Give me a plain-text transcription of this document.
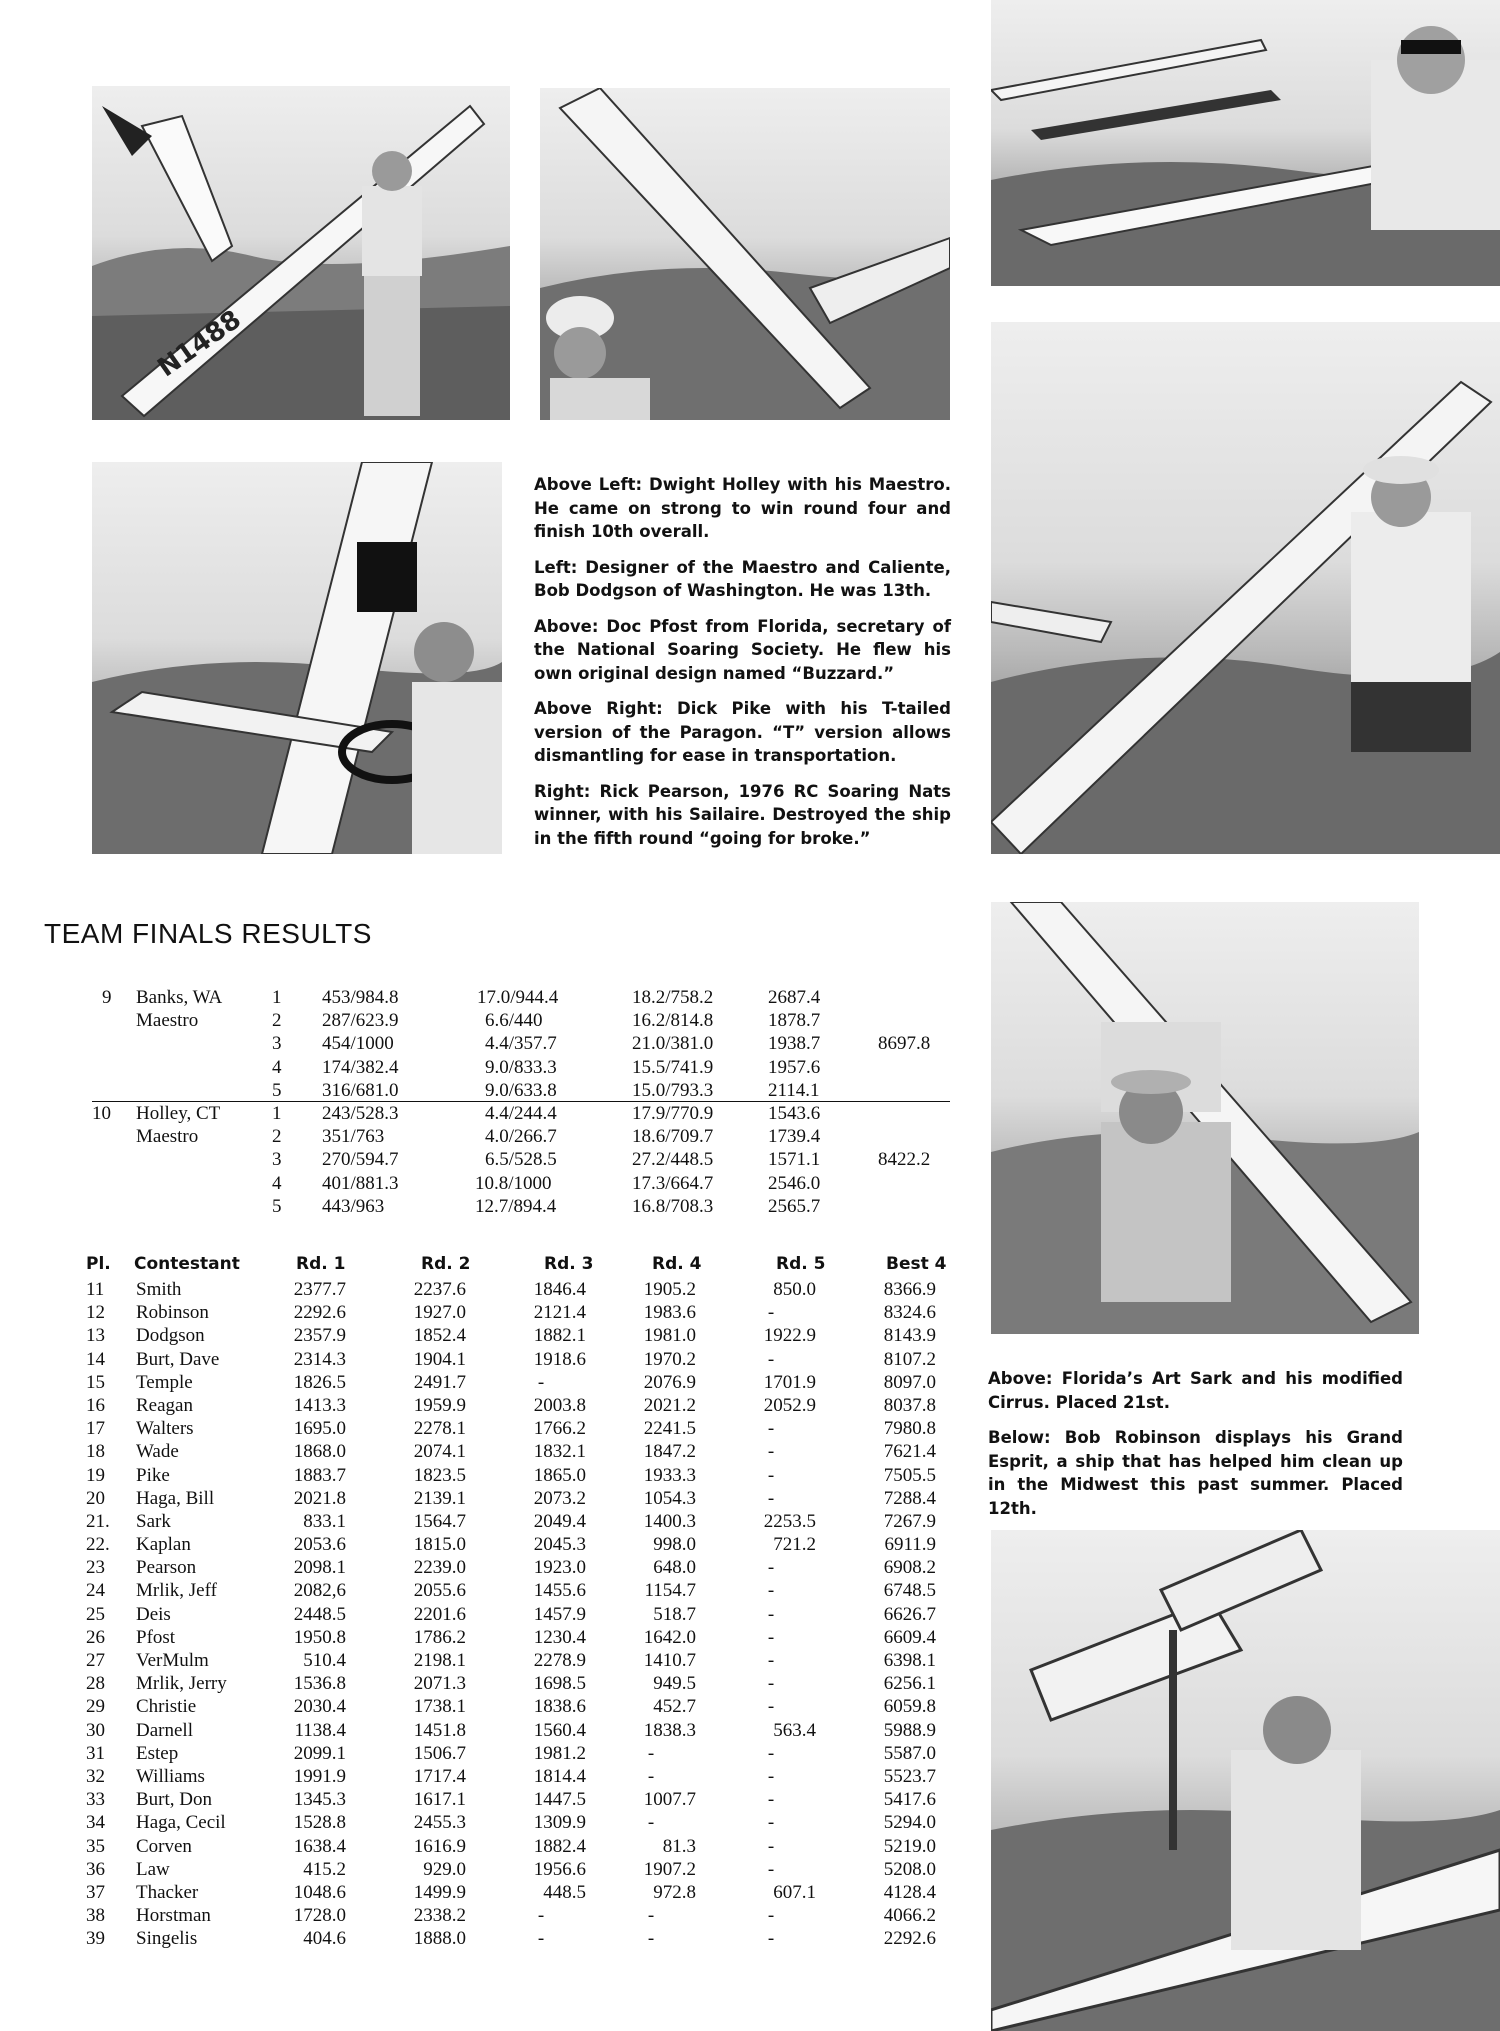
N1488

Above Left: Dwight Holley with his Maestro. He came on strong to win round four and finish 10th overall.

Left: Designer of the Maestro and Caliente, Bob Dodgson of Washington. He was 13th.

Above: Doc Pfost from Florida, secretary of the National Soaring Society. He flew his own original design named “Buzzard.”

Above Right: Dick Pike with his T-tailed version of the Paragon. “T” version allows dismantling for ease in transportation.

Right: Rick Pearson, 1976 RC Soaring Nats winner, with his Sailaire. Destroyed the ship in the fifth round “going for broke.”

Above: Florida’s Art Sark and his modified Cirrus. Placed 21st.

Below: Bob Robinson displays his Grand Esprit, a ship that has helped him clean up in the Midwest this past summer. Placed 12th.

TEAM FINALS RESULTS
9 Banks, WA	1 453/984.8	17.0/944.4	18.2/758.2	2687.4
Maestro	2 287/623.9	6.6/440	16.2/814.8	1878.7
3 454/1000	4.4/357.7	21.0/381.0	1938.7	8697.8
4 174/382.4	9.0/833.3	15.5/741.9	1957.6
5 316/681.0	9.0/633.8	15.0/793.3	2114.1
10 Holley, CT	1 243/528.3	4.4/244.4	17.9/770.9	1543.6
Maestro	2 351/763	4.0/266.7	18.6/709.7	1739.4
3 270/594.7	6.5/528.5	27.2/448.5	1571.1	8422.2
4 401/881.3	10.8/1000	17.3/664.7	2546.0
5 443/963	12.7/894.4	16.8/708.3	2565.7
Pl. Contestant	Rd. 1	Rd. 2	Rd. 3	Rd. 4	Rd. 5	Best 4
11	Smith	2377.7	2237.6	1846.4	1905.2	850.0	8366.9
12	Robinson	2292.6	1927.0	2121.4	1983.6	-	8324.6
13	Dodgson	2357.9	1852.4	1882.1	1981.0	1922.9	8143.9
14	Burt, Dave	2314.3	1904.1	1918.6	1970.2	-	8107.2
15	Temple	1826.5	2491.7	-	2076.9	1701.9	8097.0
16	Reagan	1413.3	1959.9	2003.8	2021.2	2052.9	8037.8
17	Walters	1695.0	2278.1	1766.2	2241.5	-	7980.8
18	Wade	1868.0	2074.1	1832.1	1847.2	-	7621.4
19	Pike	1883.7	1823.5	1865.0	1933.3	-	7505.5
20	Haga, Bill	2021.8	2139.1	2073.2	1054.3	-	7288.4
21.	Sark	833.1	1564.7	2049.4	1400.3	2253.5	7267.9
22.	Kaplan	2053.6	1815.0	2045.3	998.0	721.2	6911.9
23	Pearson	2098.1	2239.0	1923.0	648.0	-	6908.2
24	Mrlik, Jeff	2082,6	2055.6	1455.6	1154.7	-	6748.5
25	Deis	2448.5	2201.6	1457.9	518.7	-	6626.7
26	Pfost	1950.8	1786.2	1230.4	1642.0	-	6609.4
27	VerMulm	510.4	2198.1	2278.9	1410.7	-	6398.1
28	Mrlik, Jerry	1536.8	2071.3	1698.5	949.5	-	6256.1
29	Christie	2030.4	1738.1	1838.6	452.7	-	6059.8
30	Darnell	1138.4	1451.8	1560.4	1838.3	563.4	5988.9
31	Estep	2099.1	1506.7	1981.2	-	-	5587.0
32	Williams	1991.9	1717.4	1814.4	-	-	5523.7
33	Burt, Don	1345.3	1617.1	1447.5	1007.7	-	5417.6
34	Haga, Cecil	1528.8	2455.3	1309.9	-	-	5294.0
35	Corven	1638.4	1616.9	1882.4	81.3	-	5219.0
36	Law	415.2	929.0	1956.6	1907.2	-	5208.0
37	Thacker	1048.6	1499.9	448.5	972.8	607.1	4128.4
38	Horstman	1728.0	2338.2	-	-	-	4066.2
39	Singelis	404.6	1888.0	-	-	-	2292.6
